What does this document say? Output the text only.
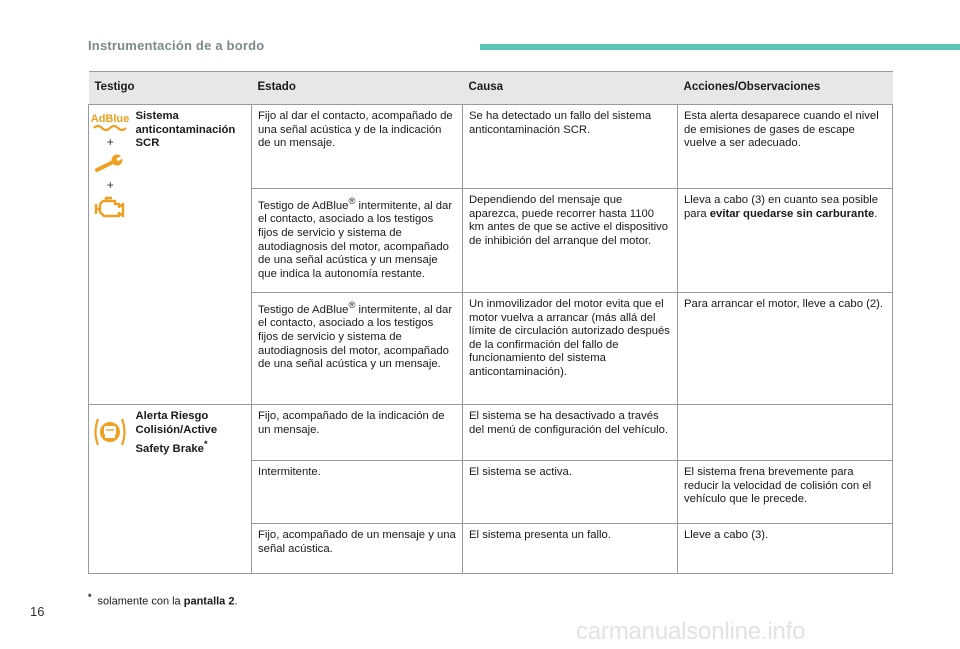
Instrumentación de a bordo
Testigo		Estado	Causa	Acciones/Observaciones

AdBlue
+
+	Sistema anticontaminación SCR	Fijo al dar el contacto, acompañado de una señal acústica y de la indicación de un mensaje.	Se ha detectado un fallo del sistema anticontaminación SCR.	Esta alerta desaparece cuando el nivel de emisiones de gases de escape vuelve a ser adecuado.
		Testigo de AdBlue® intermitente, al dar el contacto, asociado a los testigos fijos de servicio y sistema de autodiagnosis del motor, acompañado de una señal acústica y un mensaje que indica la autonomía restante.	Dependiendo del mensaje que aparezca, puede recorrer hasta 1100 km antes de que se active el dispositivo de inhibición del arranque del motor.	Lleva a cabo (3) en cuanto sea posible para evitar quedarse sin carburante.
		Testigo de AdBlue® intermitente, al dar el contacto, asociado a los testigos fijos de servicio y sistema de autodiagnosis del motor, acompañado de una señal acústica y un mensaje.	Un inmovilizador del motor evita que el motor vuelva a arrancar (más allá del límite de circulación autorizado después de la confirmación del fallo de funcionamiento del sistema anticontaminación).	Para arrancar el motor, lleve a cabo (2).

	Alerta Riesgo Colisión/Active Safety Brake*	Fijo, acompañado de la indicación de un mensaje.	El sistema se ha desactivado a través del menú de configuración del vehículo.	
		Intermitente.	El sistema se activa.	El sistema frena brevemente para reducir la velocidad de colisión con el vehículo que le precede.
		Fijo, acompañado de un mensaje y una señal acústica.	El sistema presenta un fallo.	Lleve a cabo (3).
* solamente con la pantalla 2.
16
carmanualsonline.info
